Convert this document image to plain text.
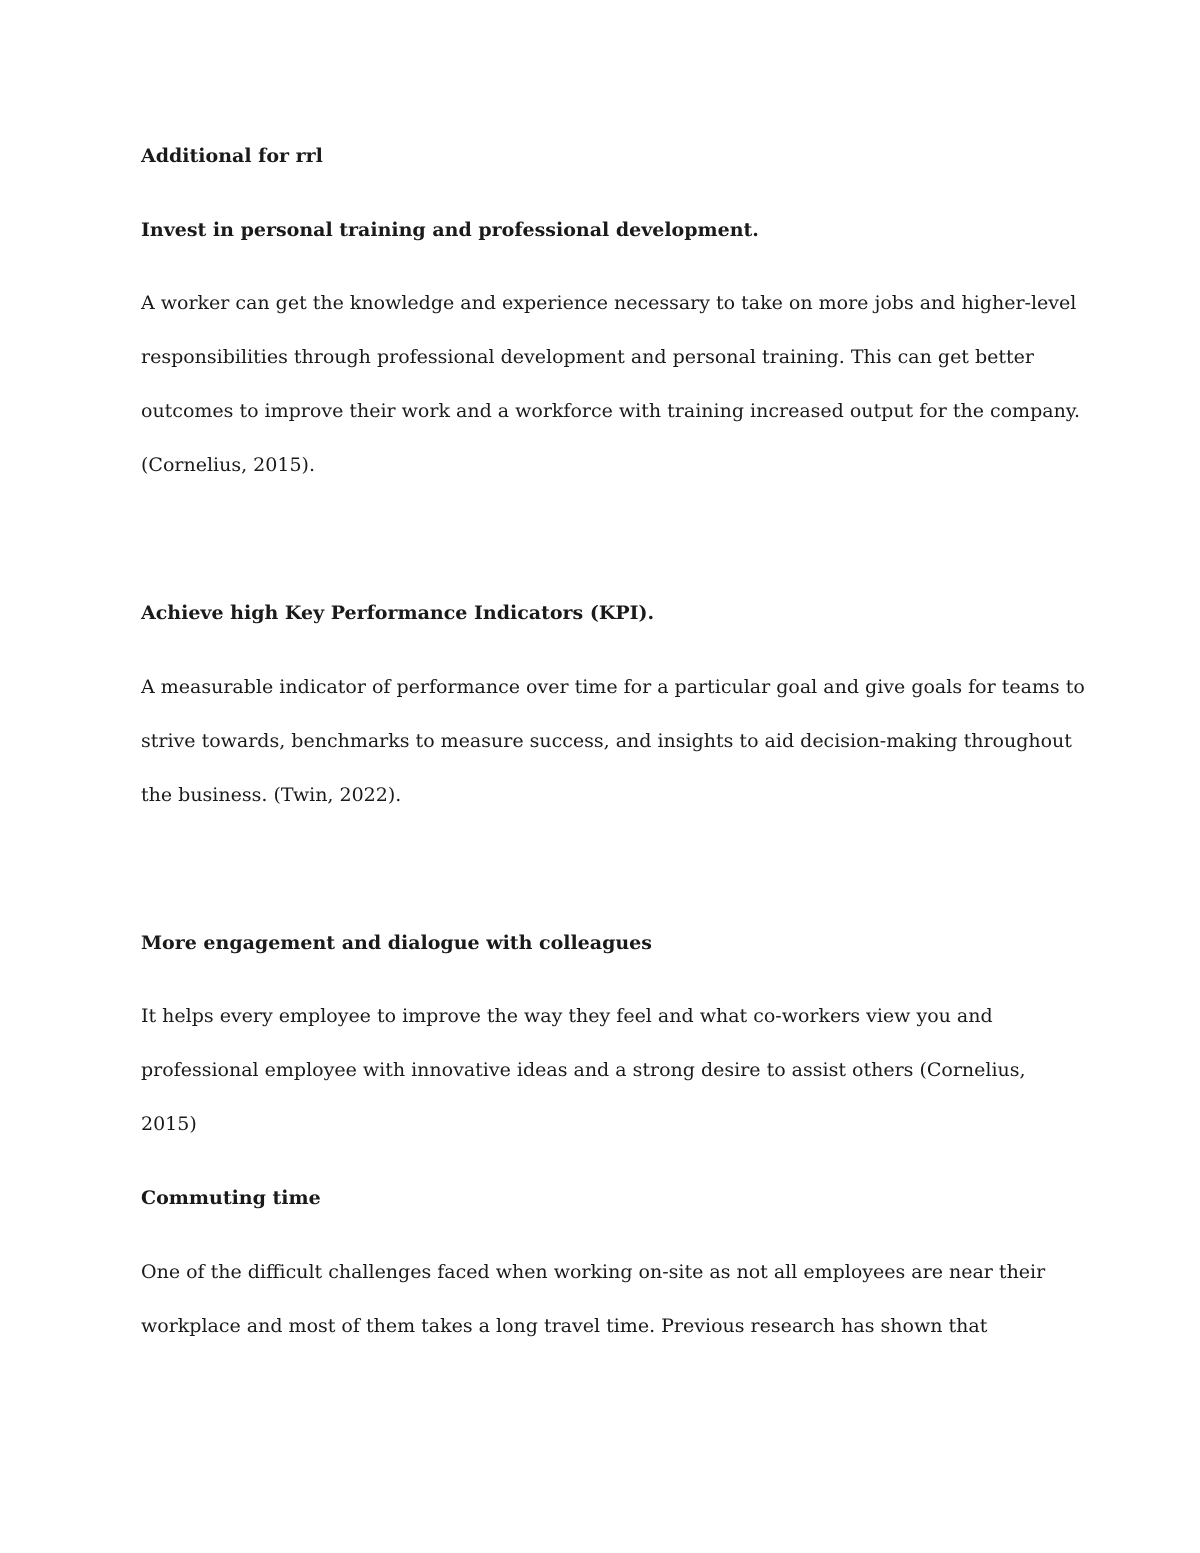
Additional for rrl

Invest in personal training and professional development.

A worker can get the knowledge and experience necessary to take on more jobs and higher-level

responsibilities through professional development and personal training. This can get better

outcomes to improve their work and a workforce with training increased output for the company.

(Cornelius, 2015).

Achieve high Key Performance Indicators (KPI).

A measurable indicator of performance over time for a particular goal and give goals for teams to

strive towards, benchmarks to measure success, and insights to aid decision-making throughout

the business. (Twin, 2022).

More engagement and dialogue with colleagues

It helps every employee to improve the way they feel and what co-workers view you and

professional employee with innovative ideas and a strong desire to assist others (Cornelius,

2015)

Commuting time

One of the difficult challenges faced when working on-site as not all employees are near their

workplace and most of them takes a long travel time. Previous research has shown that
